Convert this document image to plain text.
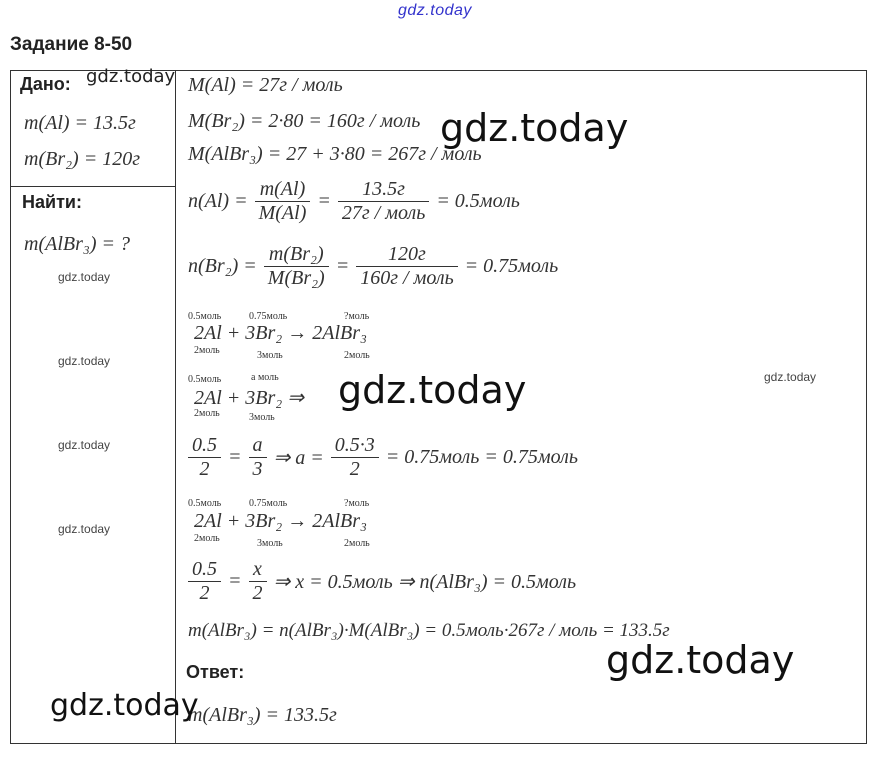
gdz.today
Задание 8-50
Дано:
m(Al) = 13.5г
m(Br₂) = 120г
Найти:
m(AlBr₃) = ?
M(Al) = 27г / моль
M(Br₂) = 2·80 = 160г / моль
M(AlBr₃) = 27 + 3·80 = 267г / моль
$n(Al) = \frac{m(Al)}{M(Al)} = \frac{13.5г}{\text{27г / моль}}$ = 0.5моль
$n(Br_2) = \frac{\text{m(Br₂)}}{\text{M(Br₂)}} = \frac{120г}{\text{160г / моль}}$ = 0.75моль
0.5моль	0.75моль	?моль
2Al + 3Br₂ → 2AlBr₃
2моль	3моль	2моль
0.5моль	а моль
2Al + 3Br₂ ⇒
2моль	3моль
$\frac{0.5}{2} = \frac{а}{3}$ ⇒ $а = \frac{0.5\cdot 3}{2}$ = 0.75моль = 0.75моль
0.5моль	0.75моль	?моль
2Al + 3Br₂ → 2AlBr₃
2моль	3моль	2моль
$\frac{0.5}{2} = \frac{x}{2}$ ⇒ x = 0.5моль ⇒ n(AlBr₃) = 0.5моль
m(AlBr₃) = n(AlBr₃)·M(AlBr₃) = 0.5моль·267г / моль = 133.5г
Ответ:
m(AlBr₃) = 133.5г
gdz.today
gdz.today
gdz.today
gdz.today
gdz.today	gdz.today
gdz.today
gdz.today
gdz.today
gdz.today
